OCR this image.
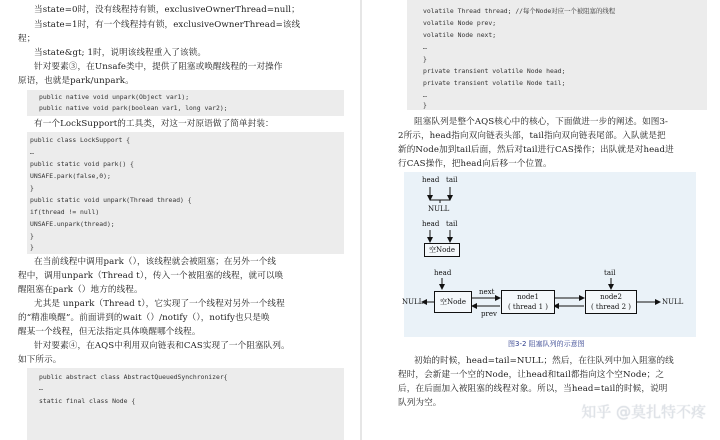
当state=0时，没有线程持有锁，exclusiveOwnerThread=null；
当state=1时，有一个线程持有锁，exclusiveOwnerThread=该线
程；
当state&gt; 1时，说明该线程重入了该锁。
针对要素③，在Unsafe类中，提供了阻塞或唤醒线程的一对操作
原语，也就是park/unpark。
public native void unpark(Object var1);
public native void park(boolean var1, long var2);
有一个LockSupport的工具类，对这一对原语做了简单封装：
public class LockSupport {
…
public static void park() {
UNSAFE.park(false,0);
}
public static void unpark(Thread thread) {
if(thread != null)
UNSAFE.unpark(thread);
}
}
在当前线程中调用park（），该线程就会被阻塞；在另外一个线
程中，调用unpark（Thread t），传入一个被阻塞的线程，就可以唤
醒阻塞在park（）地方的线程。
尤其是 unpark（Thread t），它实现了一个线程对另外一个线程
的“精准唤醒”。前面讲到的wait（）/notify（），notify也只是唤
醒某一个线程，但无法指定具体唤醒哪个线程。
针对要素④，在AQS中利用双向链表和CAS实现了一个阻塞队列。
如下所示。
public abstract class AbstractQueuedSynchronizer{
…
static final class Node {
volatile Thread thread; //每个Node对应一个被阻塞的线程
volatile Node prev;
volatile Node next;
…
}
private transient volatile Node head;
private transient volatile Node tail;
…
}
阻塞队列是整个AQS核心中的核心，下面做进一步的阐述。如图3-
2所示，head指向双向链表头部，tail指向双向链表尾部。入队就是把
新的Node加到tail后面，然后对tail进行CAS操作；出队就是对head进
行CAS操作，把head向后移一个位置。
head tail
NULL
head tail
空Node
head	tail
NULL	空Node
next
prev
node1
( thread 1 )
node2
( thread 2 )
NULL
图3-2 阻塞队列的示意图
初始的时候，head=tail=NULL；然后，在往队列中加入阻塞的线
程时，会新建一个空的Node，让head和tail都指向这个空Node；之
后，在后面加入被阻塞的线程对象。所以，当head=tail的时候，说明
队列为空。	知乎 @莫扎特不疼
